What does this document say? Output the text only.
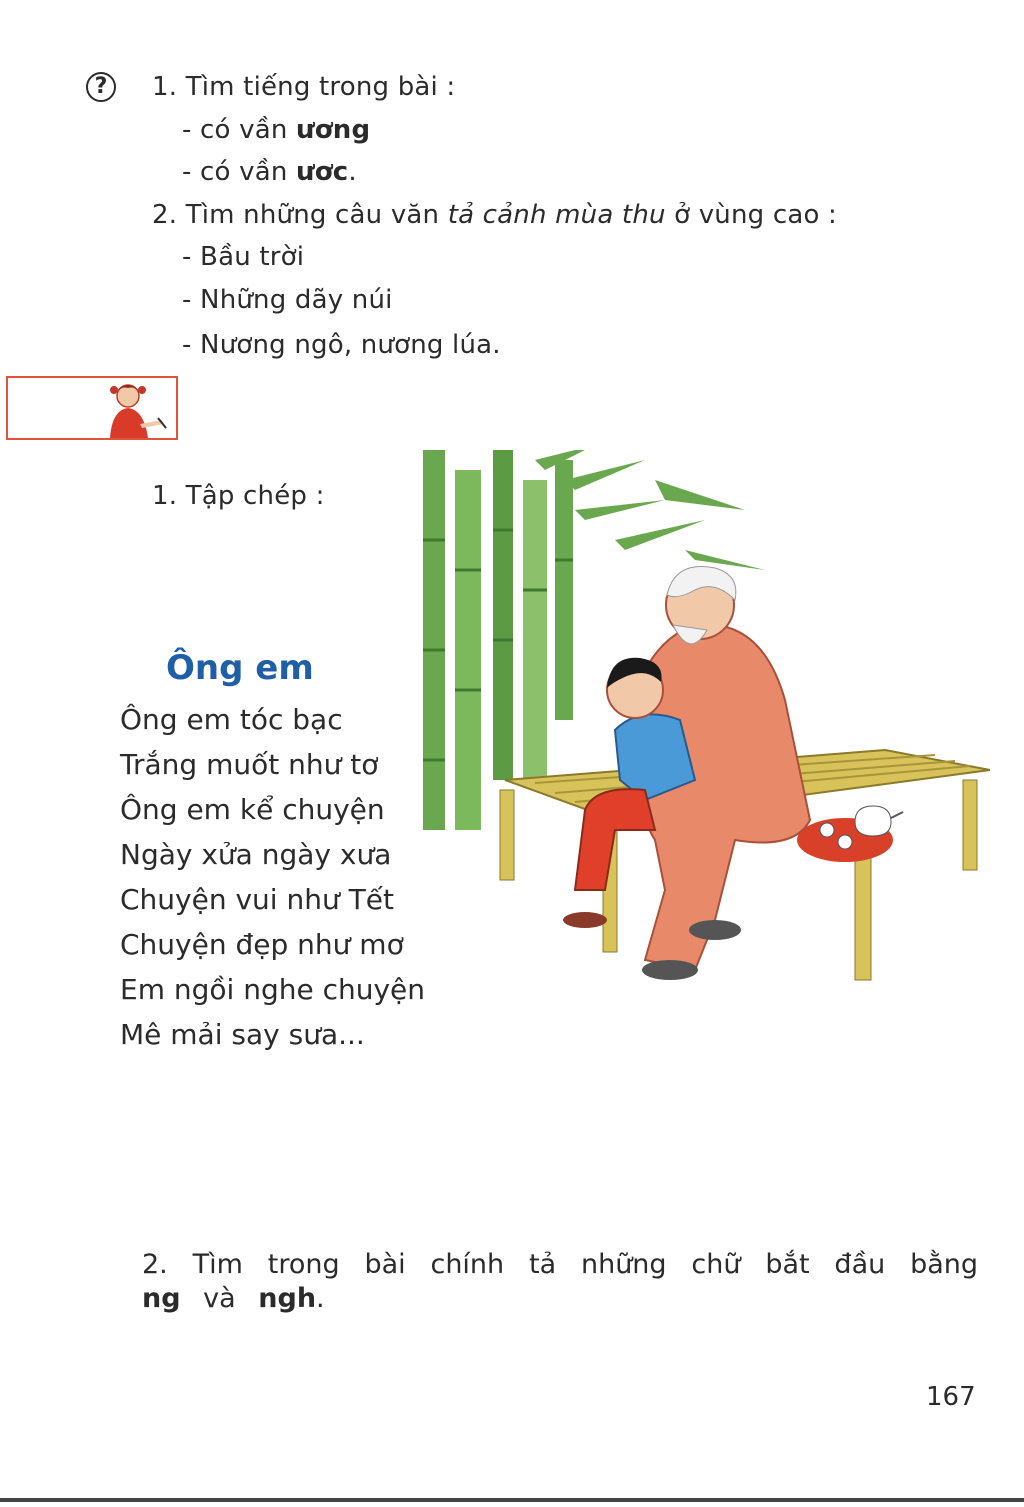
?	1. Tìm tiếng trong bài :
- có vần ương
- có vần ươc.
2. Tìm những câu văn tả cảnh mùa thu ở vùng cao :
- Bầu trời
- Những dãy núi
- Nương ngô, nương lúa.
1. Tập chép :
Ông em
Ông em tóc bạc
Trắng muốt như tơ
Ông em kể chuyện
Ngày xửa ngày xưa
Chuyện vui như Tết
Chuyện đẹp như mơ
Em ngồi nghe chuyện
Mê mải say sưa...
2. Tìm trong bài chính tả những chữ bắt đầu bằng ng và ngh.
167
